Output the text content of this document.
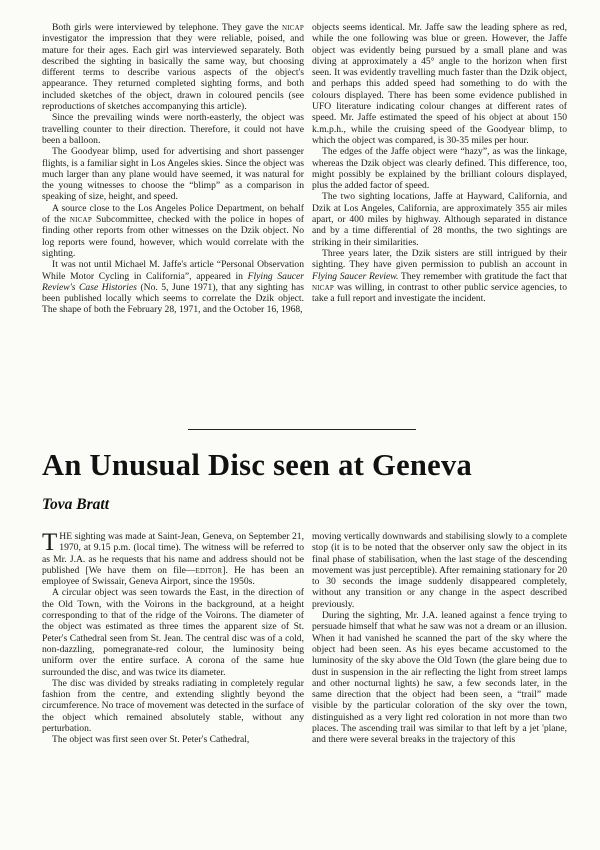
Both girls were interviewed by telephone. They gave the nicap investigator the impression that they were reliable, poised, and mature for their ages. Each girl was interviewed separately. Both described the sighting in basically the same way, but choosing different terms to describe various aspects of the object's appearance. They returned completed sighting forms, and both included sketches of the object, drawn in coloured pencils (see reproductions of sketches accompanying this article).

Since the prevailing winds were north-easterly, the object was travelling counter to their direction. Therefore, it could not have been a balloon.

The Goodyear blimp, used for advertising and short passenger flights, is a familiar sight in Los Angeles skies. Since the object was much larger than any plane would have seemed, it was natural for the young witnesses to choose the “blimp” as a comparison in speaking of size, height, and speed.

A source close to the Los Angeles Police Department, on behalf of the nicap Subcommittee, checked with the police in hopes of finding other reports from other witnesses on the Dzik object. No log reports were found, however, which would correlate with the sighting.

It was not until Michael M. Jaffe's article “Personal Observation While Motor Cycling in California”, appeared in Flying Saucer Review's Case Histories (No. 5, June 1971), that any sighting has been published locally which seems to correlate the Dzik object. The shape of both the February 28, 1971, and the October 16, 1968,

objects seems identical. Mr. Jaffe saw the leading sphere as red, while the one following was blue or green. However, the Jaffe object was evidently being pursued by a small plane and was diving at approximately a 45° angle to the horizon when first seen. It was evidently travelling much faster than the Dzik object, and perhaps this added speed had something to do with the colours displayed. There has been some evidence published in UFO literature indicating colour changes at different rates of speed. Mr. Jaffe estimated the speed of his object at about 150 k.m.p.h., while the cruising speed of the Goodyear blimp, to which the object was compared, is 30-35 miles per hour.

The edges of the Jaffe object were “hazy”, as was the linkage, whereas the Dzik object was clearly defined. This difference, too, might possibly be explained by the brilliant colours displayed, plus the added factor of speed.

The two sighting locations, Jaffe at Hayward, California, and Dzik at Los Angeles, California, are approximately 355 air miles apart, or 400 miles by highway. Although separated in distance and by a time differential of 28 months, the two sightings are striking in their similarities.

Three years later, the Dzik sisters are still intrigued by their sighting. They have given permission to publish an account in Flying Saucer Review. They remember with gratitude the fact that nicap was willing, in contrast to other public service agencies, to take a full report and investigate the incident.

An Unusual Disc seen at Geneva
Tova Bratt

THE sighting was made at Saint-Jean, Geneva, on September 21, 1970, at 9.15 p.m. (local time). The witness will be referred to as Mr. J.A. as he requests that his name and address should not be published [We have them on file—editor]. He has been an employee of Swissair, Geneva Airport, since the 1950s.

A circular object was seen towards the East, in the direction of the Old Town, with the Voirons in the background, at a height corresponding to that of the ridge of the Voirons. The diameter of the object was estimated as three times the apparent size of St. Peter's Cathedral seen from St. Jean. The central disc was of a cold, non-dazzling, pomegranate-red colour, the luminosity being uniform over the entire surface. A corona of the same hue surrounded the disc, and was twice its diameter.

The disc was divided by streaks radiating in completely regular fashion from the centre, and extending slightly beyond the circumference. No trace of movement was detected in the surface of the object which remained absolutely stable, without any perturbation.

The object was first seen over St. Peter's Cathedral,

moving vertically downwards and stabilising slowly to a complete stop (it is to be noted that the observer only saw the object in its final phase of stabilisation, when the last stage of the descending movement was just perceptible). After remaining stationary for 20 to 30 seconds the image suddenly disappeared completely, without any transition or any change in the aspect described previously.

During the sighting, Mr. J.A. leaned against a fence trying to persuade himself that what he saw was not a dream or an illusion. When it had vanished he scanned the part of the sky where the object had been seen. As his eyes became accustomed to the luminosity of the sky above the Old Town (the glare being due to dust in suspension in the air reflecting the light from street lamps and other nocturnal lights) he saw, a few seconds later, in the same direction that the object had been seen, a “trail” made visible by the particular coloration of the sky over the town, distinguished as a very light red coloration in not more than two places. The ascending trail was similar to that left by a jet 'plane, and there were several breaks in the trajectory of this
